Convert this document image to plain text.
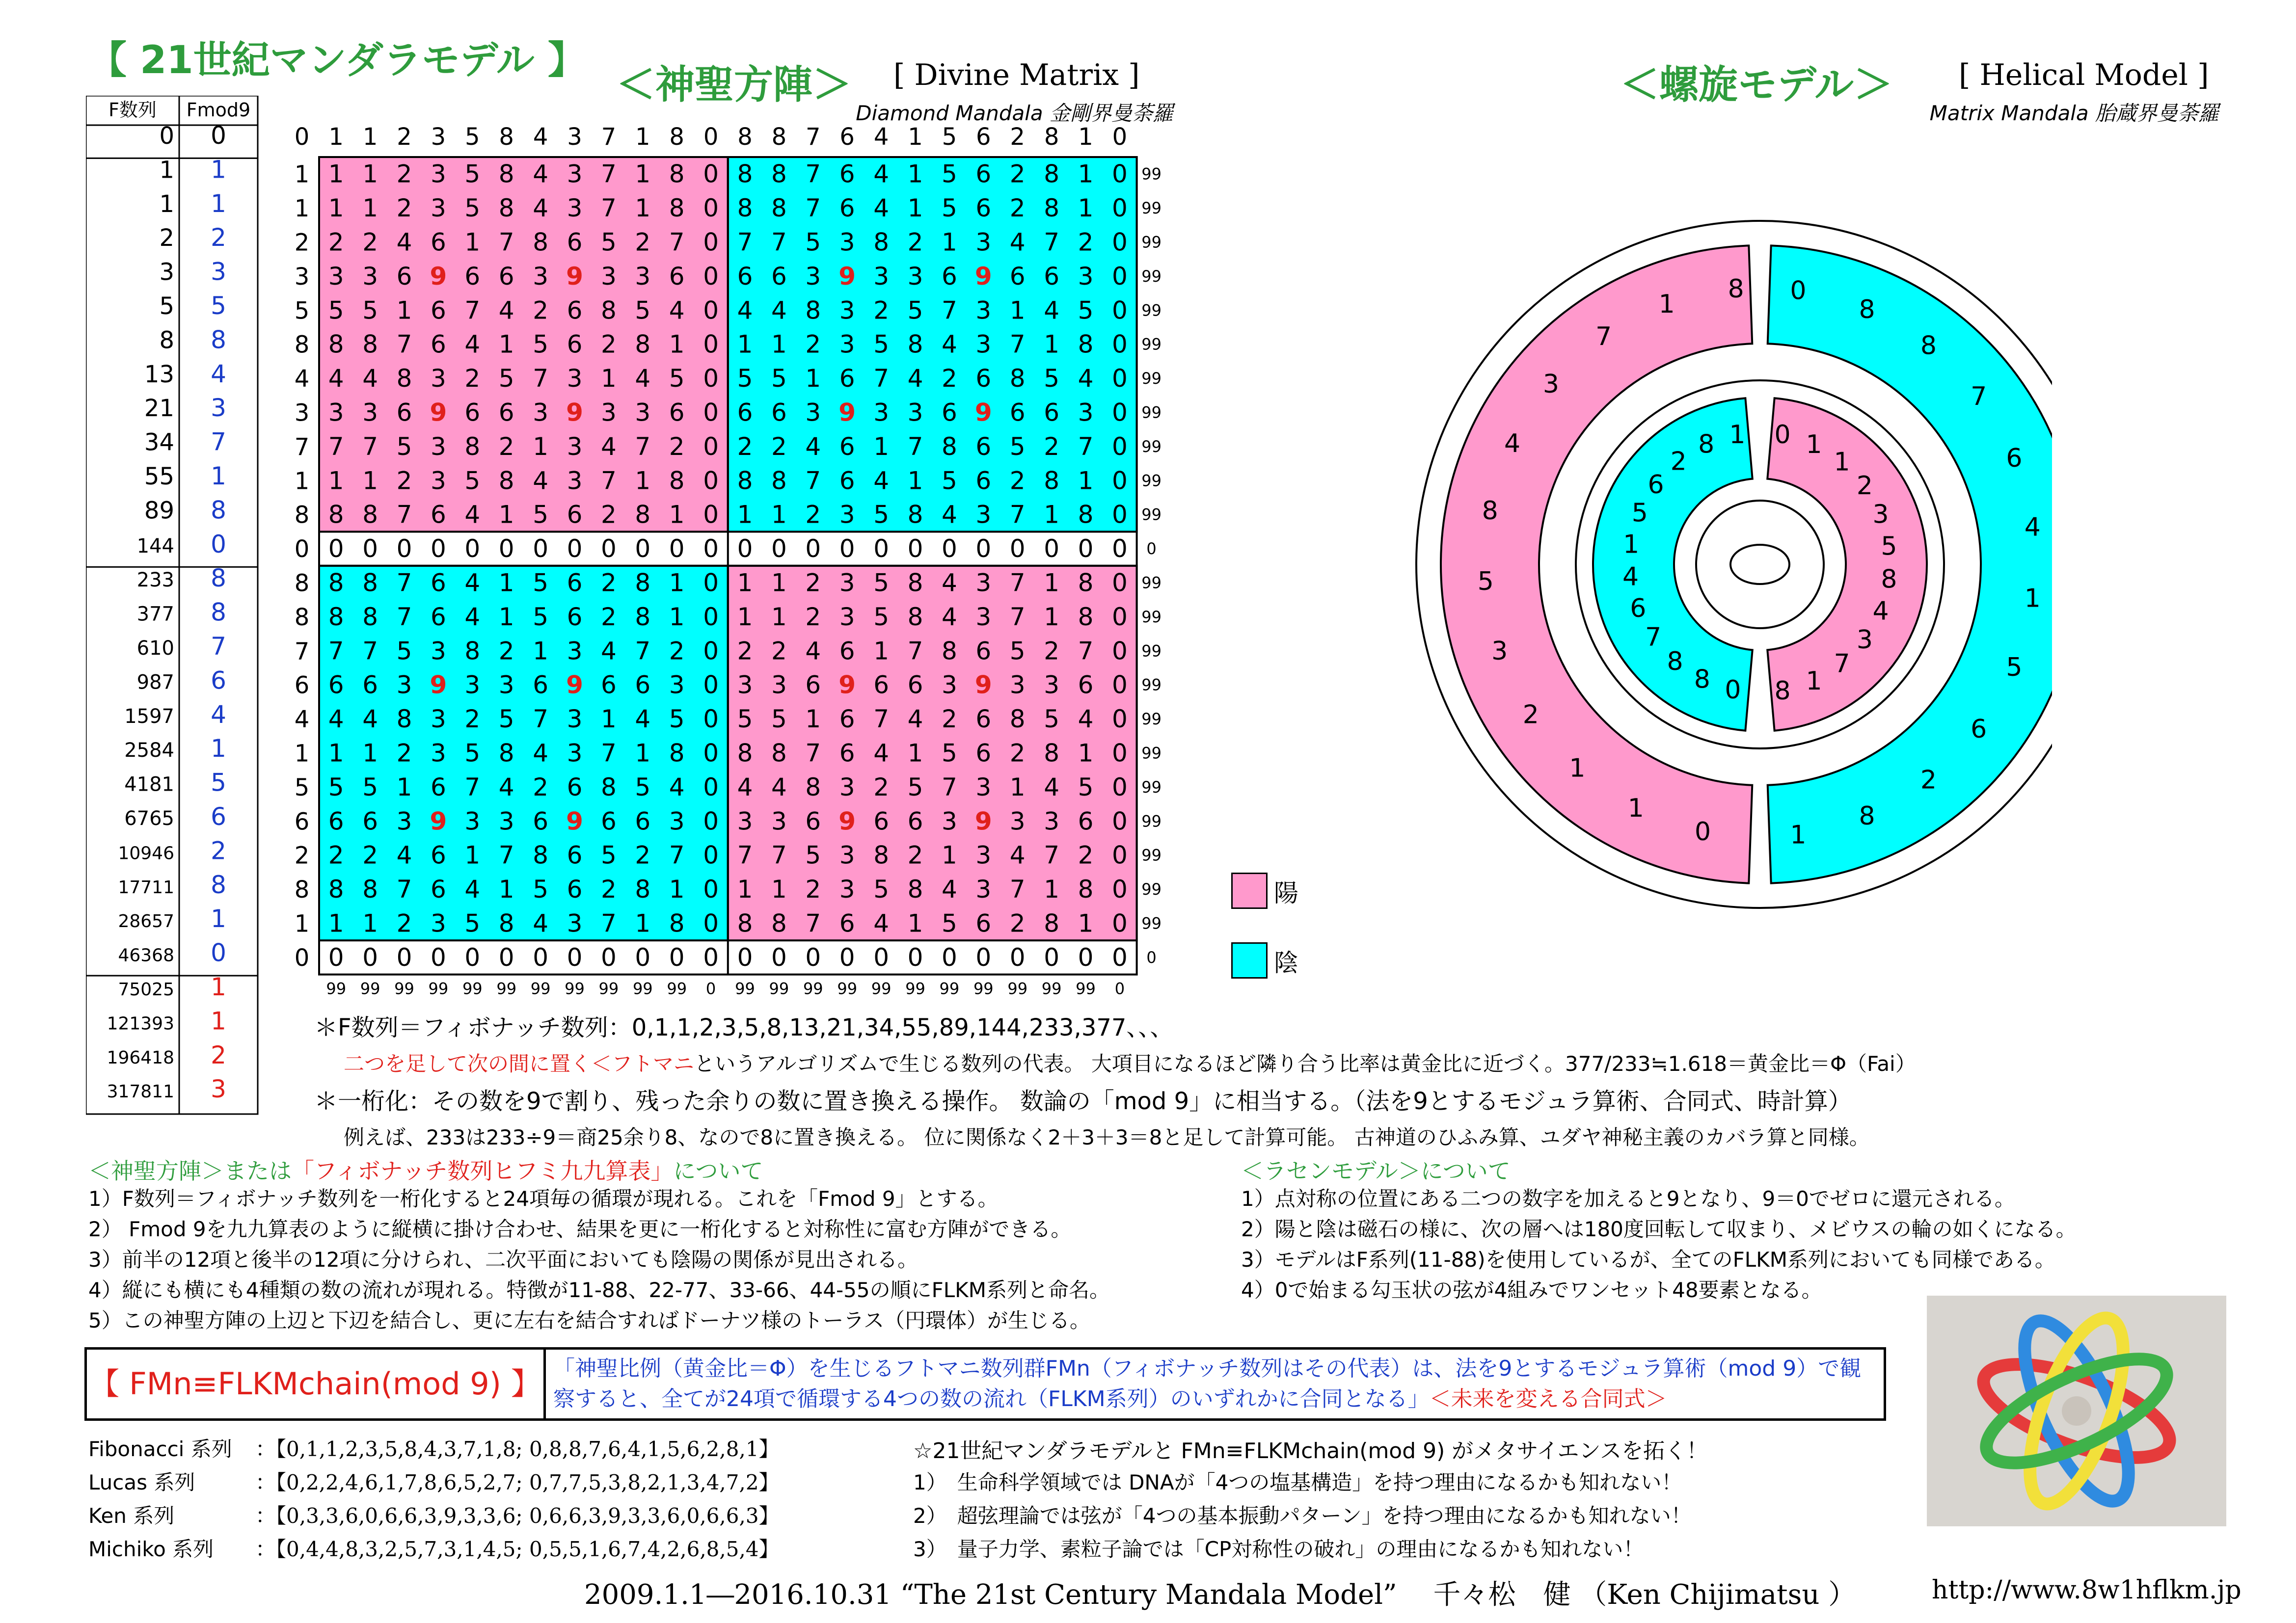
【 21世紀マンダラモデル 】
＜神聖方陣＞ [ Divine Matrix ]
Diamond Mandala 金剛界曼荼羅
＜螺旋モデル＞ [ Helical Model ]
Matrix Mandala 胎蔵界曼荼羅
F数列 Fmod9
0 0
1 1
1 1
2 2
3 3
5 5
8 8
13 4
21 3
34 7
55 1
89 8
144 0
233 8
377 8
610 7
987 6
1597 4
2584 1
4181 5
6765 6
10946 2
17711 8
28657 1
46368 0
75025 1
121393 1
196418 2
317811 3
0 1 1 2 3 5 8 4 3 7 1 8 0 8 8 7 6 4 1 5 6 2 8 1 0
1 1 1 2 3 5 8 4 3 7 1 8 0 8 8 7 6 4 1 5 6 2 8 1 0 99
1 1 1 2 3 5 8 4 3 7 1 8 0 8 8 7 6 4 1 5 6 2 8 1 0 99
2 2 2 4 6 1 7 8 6 5 2 7 0 7 7 5 3 8 2 1 3 4 7 2 0 99
3 3 3 6 9 6 6 3 9 3 3 6 0 6 6 3 9 3 3 6 9 6 6 3 0 99
5 5 5 1 6 7 4 2 6 8 5 4 0 4 4 8 3 2 5 7 3 1 4 5 0 99
8 8 8 7 6 4 1 5 6 2 8 1 0 1 1 2 3 5 8 4 3 7 1 8 0 99
4 4 4 8 3 2 5 7 3 1 4 5 0 5 5 1 6 7 4 2 6 8 5 4 0 99
3 3 3 6 9 6 6 3 9 3 3 6 0 6 6 3 9 3 3 6 9 6 6 3 0 99
7 7 7 5 3 8 2 1 3 4 7 2 0 2 2 4 6 1 7 8 6 5 2 7 0 99
1 1 1 2 3 5 8 4 3 7 1 8 0 8 8 7 6 4 1 5 6 2 8 1 0 99
8 8 8 7 6 4 1 5 6 2 8 1 0 1 1 2 3 5 8 4 3 7 1 8 0 99
0 0 0 0 0 0 0 0 0 0 0 0 0 0 0 0 0 0 0 0 0 0 0 0 0 0
8 8 8 7 6 4 1 5 6 2 8 1 0 1 1 2 3 5 8 4 3 7 1 8 0 99
8 8 8 7 6 4 1 5 6 2 8 1 0 1 1 2 3 5 8 4 3 7 1 8 0 99
7 7 7 5 3 8 2 1 3 4 7 2 0 2 2 4 6 1 7 8 6 5 2 7 0 99
6 6 6 3 9 3 3 6 9 6 6 3 0 3 3 6 9 6 6 3 9 3 3 6 0 99
4 4 4 8 3 2 5 7 3 1 4 5 0 5 5 1 6 7 4 2 6 8 5 4 0 99
1 1 1 2 3 5 8 4 3 7 1 8 0 8 8 7 6 4 1 5 6 2 8 1 0 99
5 5 5 1 6 7 4 2 6 8 5 4 0 4 4 8 3 2 5 7 3 1 4 5 0 99
6 6 6 3 9 3 3 6 9 6 6 3 0 3 3 6 9 6 6 3 9 3 3 6 0 99
2 2 2 4 6 1 7 8 6 5 2 7 0 7 7 5 3 8 2 1 3 4 7 2 0 99
8 8 8 7 6 4 1 5 6 2 8 1 0 1 1 2 3 5 8 4 3 7 1 8 0 99
1 1 1 2 3 5 8 4 3 7 1 8 0 8 8 7 6 4 1 5 6 2 8 1 0 99
0 0 0 0 0 0 0 0 0 0 0 0 0 0 0 0 0 0 0 0 0 0 0 0 0 0
99 99 99 99 99 99 99 99 99 99 99 0 99 99 99 99 99 99 99 99 99 99 99 0
8
1
7
3
4
8
5
3
2
1
1
0
0
8
8
7
6
4
1
5
6
2
8
1
1
8
2
6
5
1
4
6
7
8
8 0
0 1
1
2
3
5
8
4
3
7
1
8
陽
陰
＊F数列＝フィボナッチ数列：0,1,1,2,3,5,8,13,21,34,55,89,144,233,377、、、
二つを足して次の間に置く＜フトマニというアルゴリズムで生じる数列の代表。 大項目になるほど隣り合う比率は黄金比に近づく。377/233≒1.618＝黄金比＝Φ（Fai）
＊一桁化：その数を9で割り、残った余りの数に置き換える操作。 数論の「mod 9」に相当する。（法を9とするモジュラ算術、合同式、時計算）
例えば、233は233÷9＝商25余り8、なので8に置き換える。 位に関係なく2＋3＋3＝8と足して計算可能。 古神道のひふみ算、ユダヤ神秘主義のカバラ算と同様。
＜神聖方陣＞または「フィボナッチ数列ヒフミ九九算表」について
1）F数列＝フィボナッチ数列を一桁化すると24項毎の循環が現れる。これを「Fmod 9」とする。
2） Fmod 9を九九算表のように縦横に掛け合わせ、結果を更に一桁化すると対称性に富む方陣ができる。
3）前半の12項と後半の12項に分けられ、二次平面においても陰陽の関係が見出される。
4）縦にも横にも4種類の数の流れが現れる。特徴が11-88、22-77、33-66、44-55の順にFLKM系列と命名。
5）この神聖方陣の上辺と下辺を結合し、更に左右を結合すればドーナツ様のトーラス（円環体）が生じる。
＜ラセンモデル＞について
1）点対称の位置にある二つの数字を加えると9となり、9＝0でゼロに還元される。
2）陽と陰は磁石の様に、次の層へは180度回転して収まり、メビウスの輪の如くになる。
3）モデルはF系列(11-88)を使用しているが、全てのFLKM系列においても同様である。
4）0で始まる勾玉状の弦が4組みでワンセット48要素となる。
【 FMn≡FLKMchain(mod 9) 】 「神聖比例（黄金比＝Φ）を生じるフトマニ数列群FMn（フィボナッチ数列はその代表）は、法を9とするモジュラ算術（mod 9）で観察すると、全てが24項で循環する4つの数の流れ（FLKM系列）のいずれかに合同となる」＜未来を変える合同式＞
Fibonacci 系列 ：【0,1,1,2,3,5,8,4,3,7,1,8; 0,8,8,7,6,4,1,5,6,2,8,1】
Lucas 系列	：【0,2,2,4,6,1,7,8,6,5,2,7; 0,7,7,5,3,8,2,1,3,4,7,2】
Ken 系列	：【0,3,3,6,0,6,6,3,9,3,3,6; 0,6,6,3,9,3,3,6,0,6,6,3】
Michiko 系列 ：【0,4,4,8,3,2,5,7,3,1,4,5; 0,5,5,1,6,7,4,2,6,8,5,4】
☆21世紀マンダラモデルと FMn≡FLKMchain(mod 9) がメタサイエンスを拓く！
1）　生命科学領域では DNAが「4つの塩基構造」を持つ理由になるかも知れない！
2）　超弦理論では弦が「4つの基本振動パターン」を持つ理由になるかも知れない！
3）　量子力学、素粒子論では「CP対称性の破れ」の理由になるかも知れない！
2009.1.1―2016.10.31 “The 21st Century Mandala Model”　 千々松　健 （Ken Chijimatsu ）	http://www.8w1hflkm.jp
